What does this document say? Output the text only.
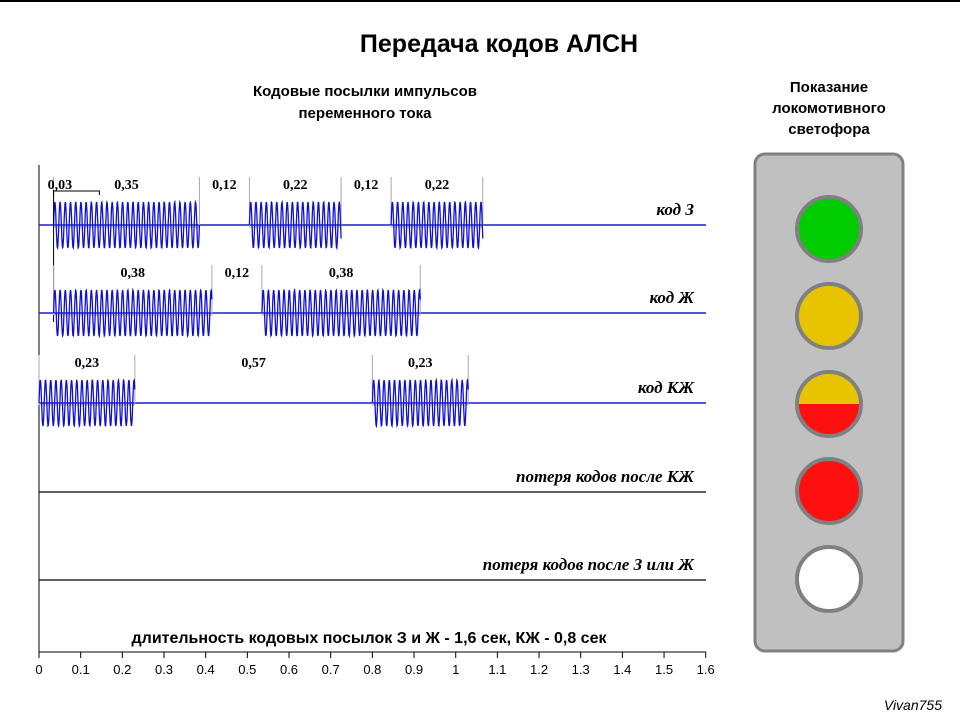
Передача кодов АЛСН
Кодовые посылки импульсов
переменного тока
Показание
локомотивного
светофора
код З
0,03	0,35	0,12	0,22	0,12	0,22
код Ж
0,38	0,12	0,38
код КЖ
0,23	0,57	0,23
потеря кодов после КЖ
потеря кодов после З или Ж
длительность кодовых посылок З и Ж - 1,6 сек, КЖ - 0,8 сек
0 0.1 0.2 0.3 0.4 0.5 0.6 0.7 0.8 0.9 1 1.1 1.2 1.3 1.4 1.5 1.6
Vivan755
